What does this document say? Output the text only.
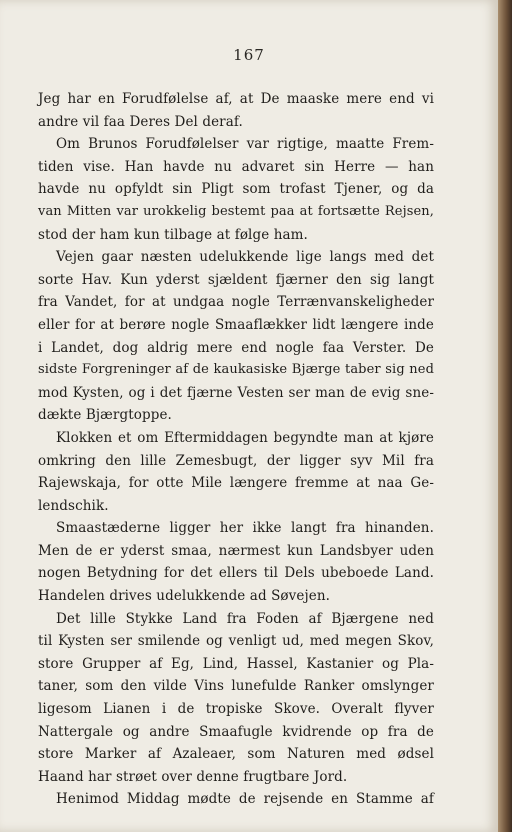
167
Jeg har en Forudfølelse af, at De maaske mere end vi
andre vil faa Deres Del deraf.
Om Brunos Forudfølelser var rigtige, maatte Frem-
tiden vise. Han havde nu advaret sin Herre — han
havde nu opfyldt sin Pligt som trofast Tjener, og da
van Mitten var urokkelig bestemt paa at fortsætte Rejsen,
stod der ham kun tilbage at følge ham.
Vejen gaar næsten udelukkende lige langs med det
sorte Hav. Kun yderst sjældent fjærner den sig langt
fra Vandet, for at undgaa nogle Terrænvanskeligheder
eller for at berøre nogle Smaaflækker lidt længere inde
i Landet, dog aldrig mere end nogle faa Verster. De
sidste Forgreninger af de kaukasiske Bjærge taber sig ned
mod Kysten, og i det fjærne Vesten ser man de evig sne-
dækte Bjærgtoppe.
Klokken et om Eftermiddagen begyndte man at kjøre
omkring den lille Zemesbugt, der ligger syv Mil fra
Rajewskaja, for otte Mile længere fremme at naa Ge-
lendschik.
Smaastæderne ligger her ikke langt fra hinanden.
Men de er yderst smaa, nærmest kun Landsbyer uden
nogen Betydning for det ellers til Dels ubeboede Land.
Handelen drives udelukkende ad Søvejen.
Det lille Stykke Land fra Foden af Bjærgene ned
til Kysten ser smilende og venligt ud, med megen Skov,
store Grupper af Eg, Lind, Hassel, Kastanier og Pla-
taner, som den vilde Vins lunefulde Ranker omslynger
ligesom Lianen i de tropiske Skove. Overalt flyver
Nattergale og andre Smaafugle kvidrende op fra de
store Marker af Azaleaer, som Naturen med ødsel
Haand har strøet over denne frugtbare Jord.
Henimod Middag mødte de rejsende en Stamme af
